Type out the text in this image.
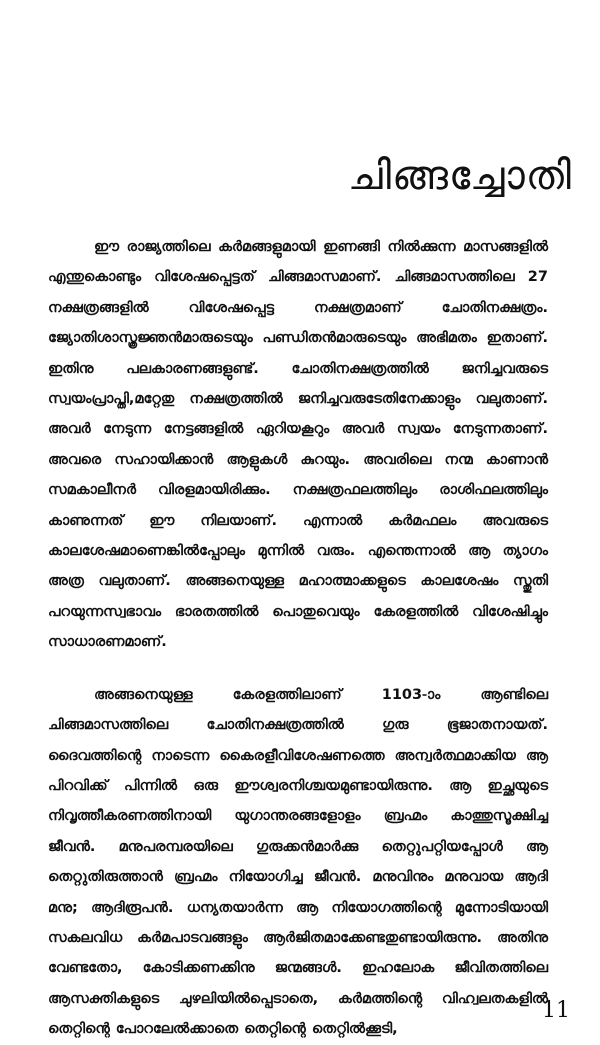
ചിങ്ങച്ചോതി

ഈ രാജ്യത്തിലെ കർമങ്ങളുമായി ഇണങ്ങി നിൽക്കുന്ന മാസങ്ങളിൽ എന്തുകൊണ്ടും വിശേഷപ്പെട്ടത് ചിങ്ങമാസമാണ്. ചിങ്ങമാസത്തിലെ 27 നക്ഷത്രങ്ങളിൽ വിശേഷപ്പെട്ട നക്ഷത്രമാണ് ചോതിനക്ഷത്രം. ജ്യോതിശാസ്ത്രജ്ഞൻമാരുടെയും പണ്ഡിതൻമാരുടെയും അഭിമതം ഇതാണ്. ഇതിനു പലകാരണങ്ങളുണ്ട്. ചോതിനക്ഷത്രത്തിൽ ജനിച്ചവരുടെ സ്വയംപ്രാപ്തി,മറ്റേതു നക്ഷത്രത്തിൽ ജനിച്ചവരുടേതിനേക്കാളും വലുതാണ്. അവർ നേടുന്ന നേട്ടങ്ങളിൽ ഏറിയകൂറും അവർ സ്വയം നേടുന്നതാണ്. അവരെ സഹായിക്കാൻ ആളുകൾ കുറയും. അവരിലെ നന്മ കാണാൻ സമകാലീനർ വിരളമായിരിക്കും. നക്ഷത്രഫലത്തിലും രാശിഫലത്തിലും കാണുന്നത് ഈ നിലയാണ്. എന്നാൽ കർമഫലം അവരുടെ കാലശേഷമാണെങ്കിൽപ്പോലും മുന്നിൽ വരും. എന്തെന്നാൽ ആ ത്യാഗം അത്ര വലുതാണ്. അങ്ങനെയുള്ള മഹാത്മാക്കളുടെ കാലശേഷം സ്തുതി പറയുന്നസ്വഭാവം ഭാരതത്തിൽ പൊതുവെയും കേരളത്തിൽ വിശേഷിച്ചും സാധാരണമാണ്.

അങ്ങനെയുള്ള കേരളത്തിലാണ് 1103-ാം ആണ്ടിലെ ചിങ്ങമാസത്തിലെ ചോതിനക്ഷത്രത്തിൽ ഗുരു ഭൂജാതനായത്. ദൈവത്തിന്റെ നാടെന്ന കൈരളീവിശേഷണത്തെ അന്വർത്ഥമാക്കിയ ആ പിറവിക്ക് പിന്നിൽ ഒരു ഈശ്വരനിശ്ചയമുണ്ടായിരുന്നു. ആ ഇച്ഛയുടെ നിവൃത്തീകരണത്തിനായി യുഗാന്തരങ്ങളോളം ബ്രഹ്മം കാത്തുസൂക്ഷിച്ച ജീവൻ. മനുപരമ്പരയിലെ ഗുരുക്കൻമാർക്കു തെറ്റുപറ്റിയപ്പോൾ ആ തെറ്റുതിരുത്താൻ ബ്രഹ്മം നിയോഗിച്ച ജീവൻ. മനുവിനും മനുവായ ആദി മനു; ആദിരൂപൻ. ധന്യതയാർന്ന ആ നിയോഗത്തിന്റെ മുന്നോടിയായി സകലവിധ കർമപാടവങ്ങളും ആർജിതമാക്കേണ്ടതുണ്ടായിരുന്നു. അതിനു വേണ്ടതോ, കോടിക്കണക്കിനു ജന്മങ്ങൾ. ഇഹലോക ജീവിതത്തിലെ ആസക്തികളുടെ ചുഴലിയിൽപ്പെടാതെ, കർമത്തിന്റെ വിഹ്വലതകളിൽ തെറ്റിന്റെ പോറലേൽക്കാതെ തെറ്റിന്റെ തെറ്റിൽക്കൂടി,

11
